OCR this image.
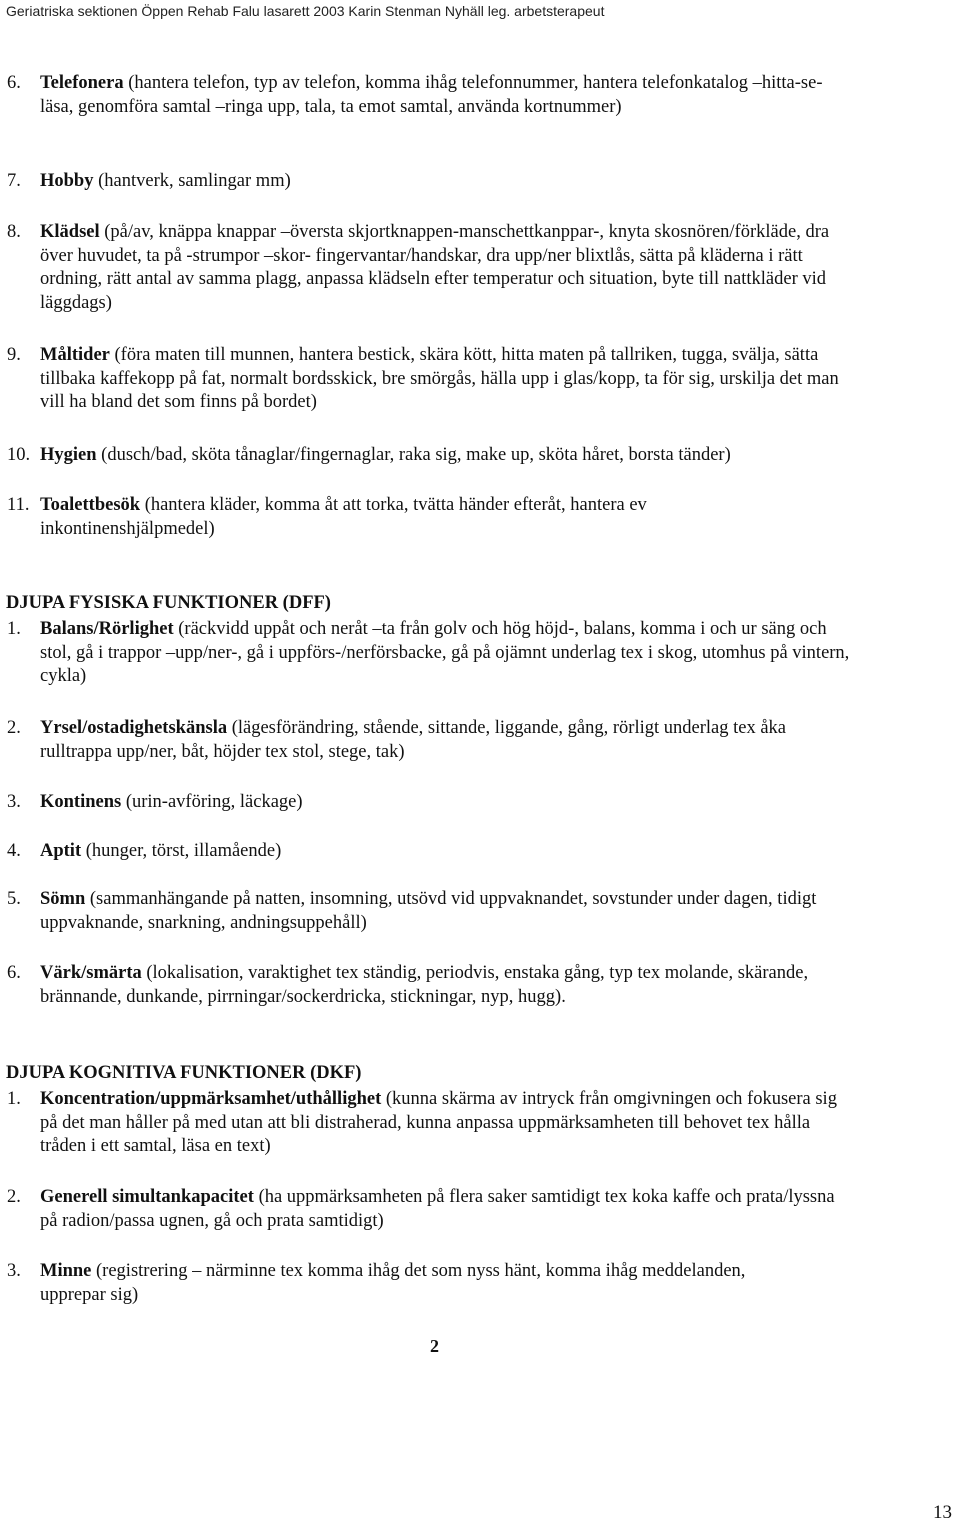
Geriatriska sektionen Öppen Rehab Falu lasarett 2003 Karin Stenman Nyhäll leg. arbetsterapeut
6. Telefonera (hantera telefon, typ av telefon, komma ihåg telefonnummer, hantera telefonkatalog –hitta-se-läsa, genomföra samtal –ringa upp, tala, ta emot samtal, använda kortnummer)
7. Hobby (hantverk, samlingar mm)
8. Klädsel (på/av, knäppa knappar –översta skjortknappen-manschettkanppar-, knyta skosnören/förkläde, dra över huvudet, ta på -strumpor –skor- fingervantar/handskar, dra upp/ner blixtlås, sätta på kläderna i rätt ordning, rätt antal av samma plagg, anpassa klädseln efter temperatur och situation, byte till nattkläder vid läggdags)
9. Måltider (föra maten till munnen, hantera bestick, skära kött, hitta maten på tallriken, tugga, svälja, sätta tillbaka kaffekopp på fat, normalt bordsskick, bre smörgås, hälla upp i glas/kopp, ta för sig, urskilja det man vill ha bland det som finns på bordet)
10. Hygien (dusch/bad, sköta tånaglar/fingernaglar, raka sig, make up, sköta håret, borsta tänder)
11. Toalettbesök (hantera kläder, komma åt att torka, tvätta händer efteråt, hantera ev inkontinenshjälpmedel)
DJUPA FYSISKA FUNKTIONER (DFF)
1. Balans/Rörlighet (räckvidd uppåt och neråt –ta från golv och hög höjd-, balans, komma i och ur säng och stol, gå i trappor –upp/ner-, gå i uppförs-/nerförsbacke, gå på ojämnt underlag tex i skog, utomhus på vintern, cykla)
2. Yrsel/ostadighetskänsla (lägesförändring, stående, sittande, liggande, gång, rörligt underlag tex åka rulltrappa upp/ner, båt, höjder tex stol, stege, tak)
3. Kontinens (urin-avföring, läckage)
4. Aptit (hunger, törst, illamående)
5. Sömn (sammanhängande på natten, insomning, utsövd vid uppvaknandet, sovstunder under dagen, tidigt uppvaknande, snarkning, andningsuppehåll)
6. Värk/smärta (lokalisation, varaktighet tex ständig, periodvis, enstaka gång, typ tex molande, skärande, brännande, dunkande, pirrningar/sockerdricka, stickningar, nyp, hugg).
DJUPA KOGNITIVA FUNKTIONER (DKF)
1. Koncentration/uppmärksamhet/uthållighet (kunna skärma av intryck från omgivningen och fokusera sig på det man håller på med utan att bli distraherad, kunna anpassa uppmärksamheten till behovet tex hålla tråden i ett samtal, läsa en text)
2. Generell simultankapacitet (ha uppmärksamheten på flera saker samtidigt tex koka kaffe och prata/lyssna på radion/passa ugnen, gå och prata samtidigt)
3. Minne (registrering – närminne tex komma ihåg det som nyss hänt, komma ihåg meddelanden, upprepar sig)
2
13
